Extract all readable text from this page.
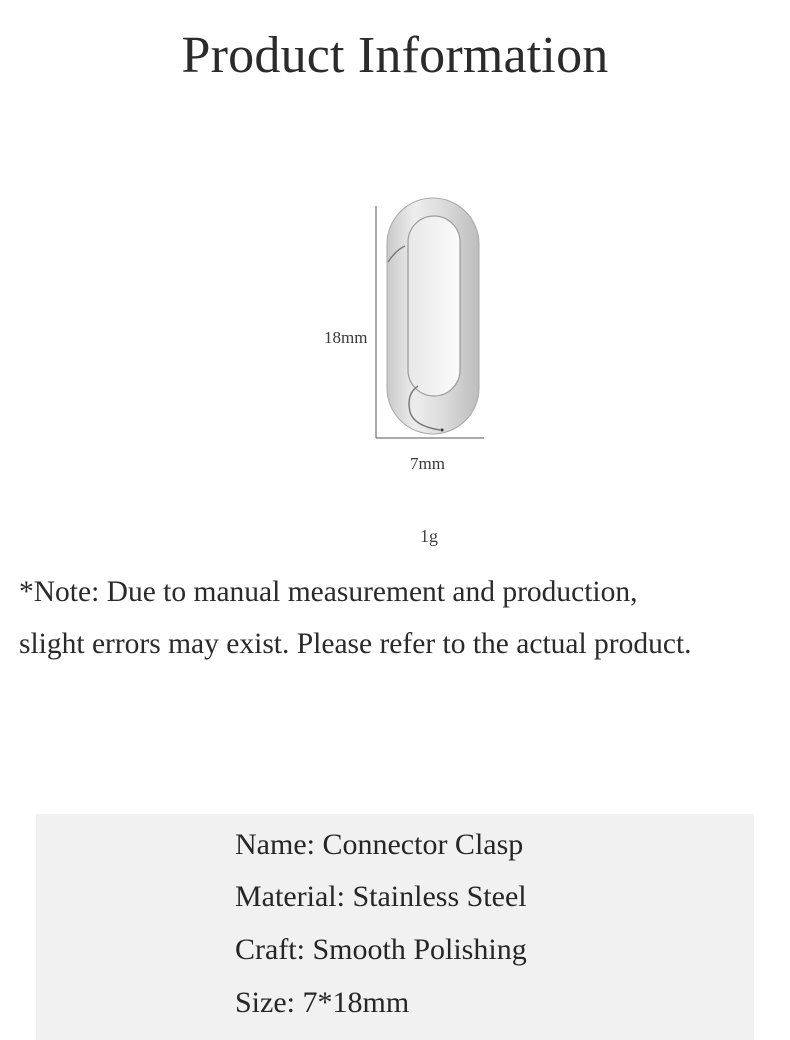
Product Information
18mm
7mm
1g
*Note: Due to manual measurement and production,
slight errors may exist. Please refer to the actual product.
Name: Connector Clasp
Material: Stainless Steel
Craft: Smooth Polishing
Size: 7*18mm
